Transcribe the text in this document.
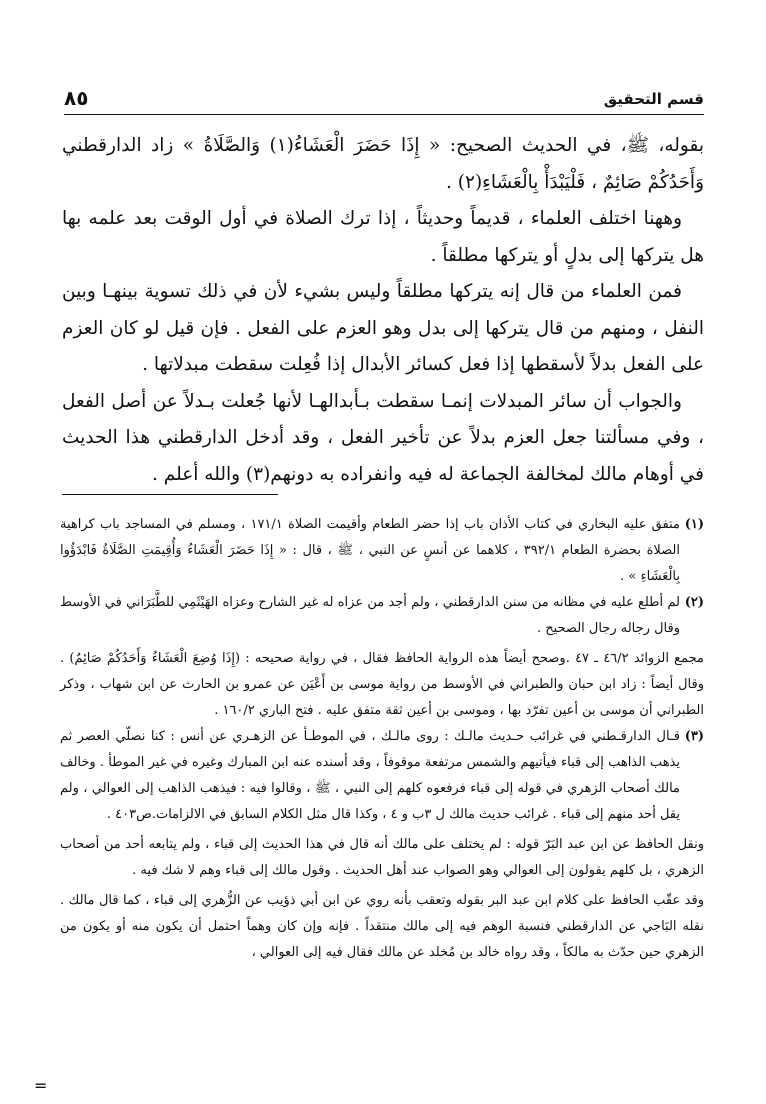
قسم التحقيق
٨٥

بقوله، ﷺ، في الحديث الصحيح: « إِذَا حَضَرَ الْعَشَاءُ(١) وَالصَّلَاةُ » زاد الدارقطني وَأَحَدُكُمْ صَائِمٌ ، فَلْيَبْدَأْ بِالْعَشَاءِ(٢) .

وههنا اختلف العلماء ، قديماً وحديثاً ، إذا ترك الصلاة في أول الوقت بعد علمه بها هل يتركها إلى بدلٍ أو يتركها مطلقاً .

فمن العلماء من قال إنه يتركها مطلقاً وليس بشيء لأن في ذلك تسوية بينهـا وبين النفل ، ومنهم من قال يتركها إلى بدل وهو العزم على الفعل . فإن قيل لو كان العزم على الفعل بدلاً لأسقطها إذا فعل كسائر الأبدال إذا فُعِلت سقطت مبدلاتها .

والجواب أن سائر المبدلات إنمـا سقطت بـأبدالهـا لأنها جُعلت بـدلاً عن أصل الفعل ، وفي مسألتنا جعل العزم بدلاً عن تأخير الفعل ، وقد أدخل الدارقطني هذا الحديث في أوهام مالك لمخالفة الجماعة له فيه وانفراده به دونهم(٣) والله أعلم .

(١)

متفق عليه البخاري في كتاب الأذان باب إذا حضر الطعام وأقيمت الصلاة ١٧١/١ ، ومسلم في المساجد باب كراهية الصلاة بحضرة الطعام ٣٩٢/١ ، كلاهما عن أنسٍ عن النبي ، ﷺ ، قال : « إِذَا حَضَرَ الْعَشَاءُ وَأُقِيمَتِ الصَّلَاةُ فَابْدَؤُوا بِالْعَشَاءِ » .

(٢)

لم أطلع عليه في مظانه من سنن الدارقطني ، ولم أجد من عزاه له غير الشارح وعزاه الهَيْثَمِي للطَّبَرَاني في الأوسط وقال رجاله رجال الصحيح .

مجمع الزوائد ٤٦/٢ ـ ٤٧ .وصحح أيضاً هذه الرواية الحافظ فقال ، في رواية صحيحه : (إِذَا وُضِعَ الْعَشَاءُ وَأَحَدُكُمْ صَائِمٌ) . وقال أيضاً : زاد ابن حبان والطبراني في الأوسط من رواية موسى بن أَعْيَن عن عمرو بن الحارث عن ابن شهاب ، وذكر الطبراني أن موسى بن أعين تفرّد بها ، وموسى بن أعين ثقة متفق عليه . فتح الباري ١٦٠/٢ .

(٣)

قـال الدارقـطني في غرائب حـديث مالـك : روى مالـك ، في الموطـأ عن الزهـري عن أنس : كنا نصلّي العصر ثم يذهب الذاهب إلى قباء فيأتيهم والشمس مرتفعة موقوفاً ، وقد أسنده عنه ابن المبارك وغيره في غير الموطأ . وخالف مالك أصحاب الزهري في قوله إلى قباء فرفعوه كلهم إلى النبي ، ﷺ ، وقالوا فيه : فيذهب الذاهب إلى العوالي ، ولم يقل أحد منهم إلى قباء . غرائب حديث مالك ل ٣ب و ٤ ، وكذا قال مثل الكلام السابق في الالزامات.ص٤٠٣ .

ونقل الحافظ عن ابن عبد البَرّ قوله : لم يختلف على مالك أنه قال في هذا الحديث إلى قباء ، ولم يتابعه أحد من أصحاب الزهري ، بل كلهم يقولون إلى العوالي وهو الصواب عند أهل الحديث . وقول مالك إلى قباء وهم لا شك فيه .

وقد عقّب الحافظ على كلام ابن عبد البر بقوله وتعقب بأنه روي عن ابن أبي ذؤيب عن الزُّهري إلى قباء ، كما قال مالك . نقله البَاجي عن الدارقطني فنسبة الوهم فيه إلى مالك منتقداً . فإنه وإن كان وهماً احتمل أن يكون منه أو يكون من الزهري حين حدّث به مالكاً ، وقد رواه خالد بن مُخلد عن مالك فقال فيه إلى العوالي ،

=
